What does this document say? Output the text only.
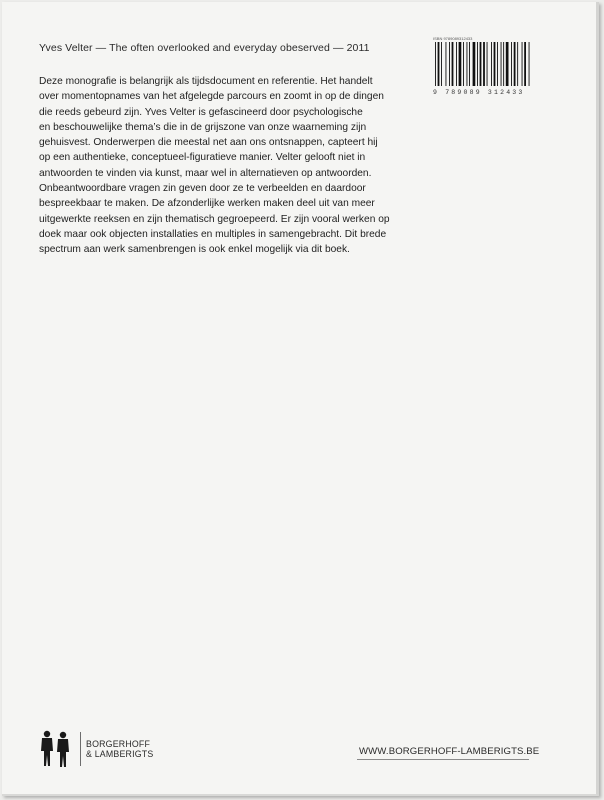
Yves Velter — The often overlooked and everyday obeserved — 2011
Deze monografie is belangrijk als tijdsdocument en referentie. Het handelt
over momentopnames van het afgelegde parcours en zoomt in op de dingen
die reeds gebeurd zijn. Yves Velter is gefascineerd door psychologische
en beschouwelijke thema’s die in de grijszone van onze waarneming zijn
gehuisvest. Onderwerpen die meestal net aan ons ontsnappen, capteert hij
op een authentieke, conceptueel-figuratieve manier. Velter gelooft niet in
antwoorden te vinden via kunst, maar wel in alternatieven op antwoorden.
Onbeantwoordbare vragen zin geven door ze te verbeelden en daardoor
bespreekbaar te maken. De afzonderlijke werken maken deel uit van meer
uitgewerkte reeksen en zijn thematisch gegroepeerd. Er zijn vooral werken op
doek maar ook objecten installaties en multiples in samengebracht. Dit brede
spectrum aan werk samenbrengen is ook enkel mogelijk via dit boek.
ISBN 9789089312433
9 789089 312433
BORGERHOFF
& LAMBERIGTS	WWW.BORGERHOFF-LAMBERIGTS.BE
